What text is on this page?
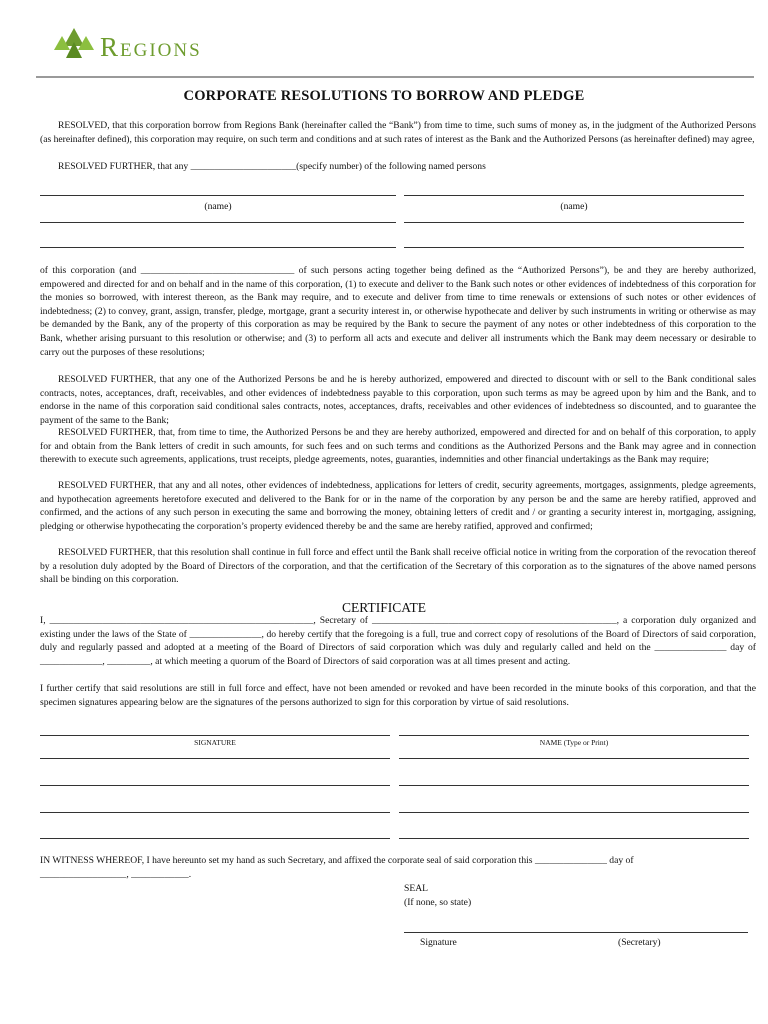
Regions
CORPORATE RESOLUTIONS TO BORROW AND PLEDGE
RESOLVED, that this corporation borrow from Regions Bank (hereinafter called the “Bank”) from time to time, such sums of money as, in the judgment of the Authorized Persons (as hereinafter defined), this corporation may require, on such term and conditions and at such rates of interest as the Bank and the Authorized Persons (as hereinafter defined) may agree,
RESOLVED FURTHER, that any ______________________(specify number) of the following named persons
(name)	(name)
of this corporation (and ________________________________ of such persons acting together being defined as the “Authorized Persons”), be and they are hereby authorized, empowered and directed for and on behalf and in the name of this corporation, (1) to execute and deliver to the Bank such notes or other evidences of indebtedness of this corporation for the monies so borrowed, with interest thereon, as the Bank may require, and to execute and deliver from time to time renewals or extensions of such notes or other evidences of indebtedness; (2) to convey, grant, assign, transfer, pledge, mortgage, grant a security interest in, or otherwise hypothecate and deliver by such instruments in writing or otherwise as may be demanded by the Bank, any of the property of this corporation as may be required by the Bank to secure the payment of any notes or other indebtedness of this corporation to the Bank, whether arising pursuant to this resolution or otherwise; and (3) to perform all acts and execute and deliver all instruments which the Bank may deem necessary or desirable to carry out the purposes of these resolutions;
RESOLVED FURTHER, that any one of the Authorized Persons be and he is hereby authorized, empowered and directed to discount with or sell to the Bank conditional sales contracts, notes, acceptances, draft, receivables, and other evidences of indebtedness payable to this corporation, upon such terms as may be agreed upon by him and the Bank, and to endorse in the name of this corporation said conditional sales contracts, notes, acceptances, drafts, receivables and other evidences of indebtedness so discounted, and to guarantee the payment of the same to the Bank;
RESOLVED FURTHER, that, from time to time, the Authorized Persons be and they are hereby authorized, empowered and directed for and on behalf of this corporation, to apply for and obtain from the Bank letters of credit in such amounts, for such fees and on such terms and conditions as the Authorized Persons and the Bank may agree and in connection therewith to execute such agreements, applications, trust receipts, pledge agreements, notes, guaranties, indemnities and other financial undertakings as the Bank may require;
RESOLVED FURTHER, that any and all notes, other evidences of indebtedness, applications for letters of credit, security agreements, mortgages, assignments, pledge agreements, and hypothecation agreements heretofore executed and delivered to the Bank for or in the name of the corporation by any person be and the same are hereby ratified, approved and confirmed, and the actions of any such person in executing the same and borrowing the money, obtaining letters of credit and / or granting a security interest in, mortgaging, assigning, pledging or otherwise hypothecating the corporation’s property evidenced thereby be and the same are hereby ratified, approved and confirmed;
RESOLVED FURTHER, that this resolution shall continue in full force and effect until the Bank shall receive official notice in writing from the corporation of the revocation thereof by a resolution duly adopted by the Board of Directors of the corporation, and that the certification of the Secretary of this corporation as to the signatures of the above named persons shall be binding on this corporation.
CERTIFICATE
I, _______________________________________________________, Secretary of ___________________________________________________, a corporation duly organized and existing under the laws of the State of _______________, do hereby certify that the foregoing is a full, true and correct copy of resolutions of the Board of Directors of said corporation, duly and regularly passed and adopted at a meeting of the Board of Directors of said corporation which was duly and regularly called and held on the _______________ day of _____________, _________, at which meeting a quorum of the Board of Directors of said corporation was at all times present and acting.
I further certify that said resolutions are still in full force and effect, have not been amended or revoked and have been recorded in the minute books of this corporation, and that the specimen signatures appearing below are the signatures of the persons authorized to sign for this corporation by virtue of said resolutions.
SIGNATURE	NAME (Type or Print)
IN WITNESS WHEREOF, I have hereunto set my hand as such Secretary, and affixed the corporate seal of said corporation this _______________ day of
__________________, ____________.
SEAL
(If none, so state)
Signature	(Secretary)
